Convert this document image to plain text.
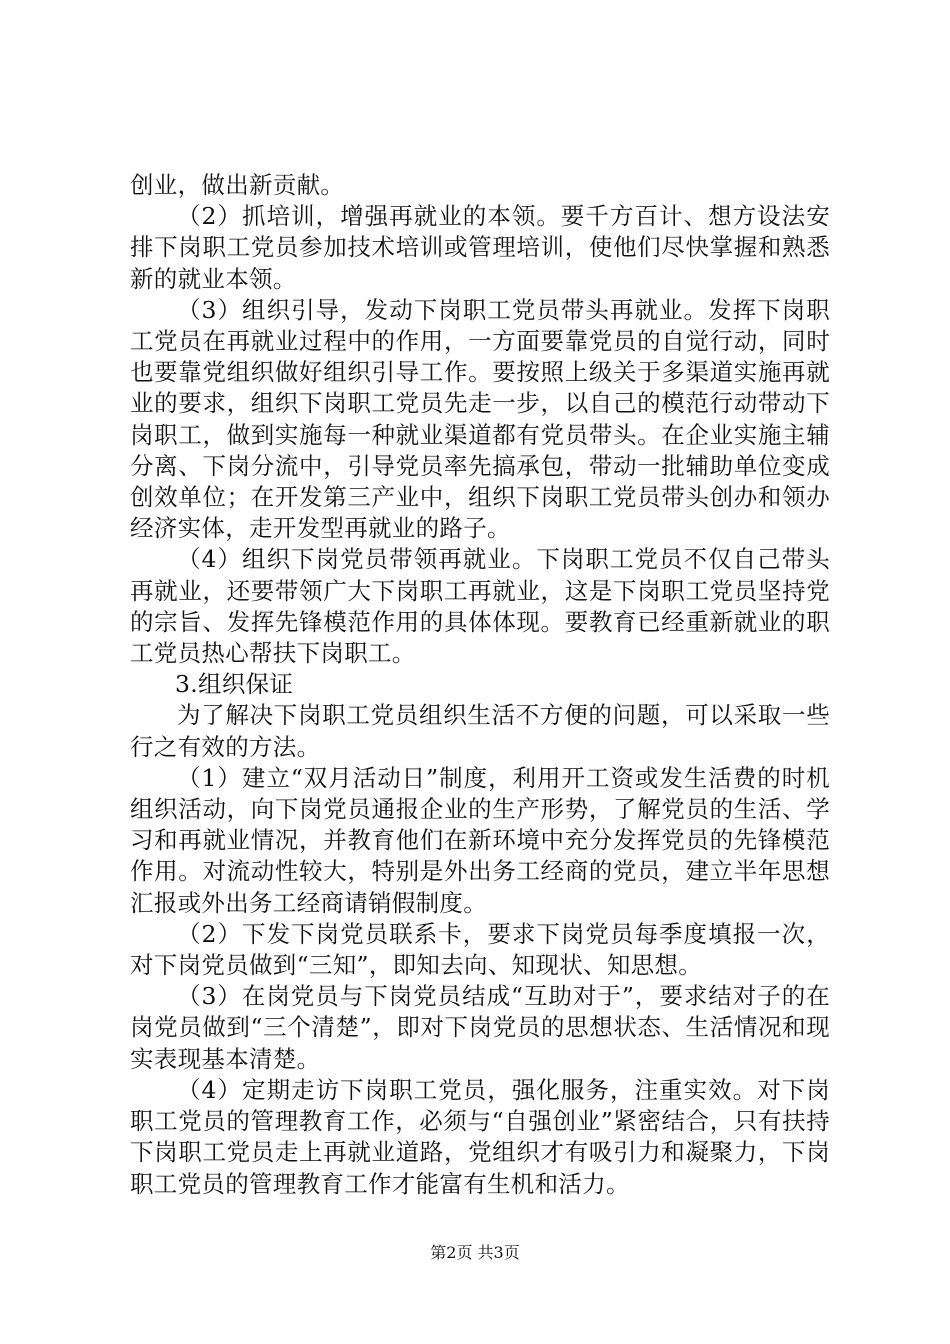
创业，做出新贡献。

（2）抓培训，增强再就业的本领。要千方百计、想方设法安排下岗职工党员参加技术培训或管理培训，使他们尽快掌握和熟悉新的就业本领。

（3）组织引导，发动下岗职工党员带头再就业。发挥下岗职工党员在再就业过程中的作用，一方面要靠党员的自觉行动，同时也要靠党组织做好组织引导工作。要按照上级关于多渠道实施再就业的要求，组织下岗职工党员先走一步，以自己的模范行动带动下岗职工，做到实施每一种就业渠道都有党员带头。在企业实施主辅分离、下岗分流中，引导党员率先搞承包，带动一批辅助单位变成创效单位；在开发第三产业中，组织下岗职工党员带头创办和领办经济实体，走开发型再就业的路子。

（4）组织下岗党员带领再就业。下岗职工党员不仅自己带头再就业，还要带领广大下岗职工再就业，这是下岗职工党员坚持党的宗旨、发挥先锋模范作用的具体体现。要教育已经重新就业的职工党员热心帮扶下岗职工。

3.组织保证

为了解决下岗职工党员组织生活不方便的问题，可以采取一些行之有效的方法。

（1）建立“双月活动日”制度，利用开工资或发生活费的时机组织活动，向下岗党员通报企业的生产形势，了解党员的生活、学习和再就业情况，并教育他们在新环境中充分发挥党员的先锋模范作用。对流动性较大，特别是外出务工经商的党员，建立半年思想汇报或外出务工经商请销假制度。

（2）下发下岗党员联系卡，要求下岗党员每季度填报一次，对下岗党员做到“三知”，即知去向、知现状、知思想。

（3）在岗党员与下岗党员结成“互助对于”，要求结对子的在岗党员做到“三个清楚”，即对下岗党员的思想状态、生活情况和现实表现基本清楚。

（4）定期走访下岗职工党员，强化服务，注重实效。对下岗职工党员的管理教育工作，必须与“自强创业”紧密结合，只有扶持下岗职工党员走上再就业道路，党组织才有吸引力和凝聚力，下岗职工党员的管理教育工作才能富有生机和活力。

第2页 共3页
